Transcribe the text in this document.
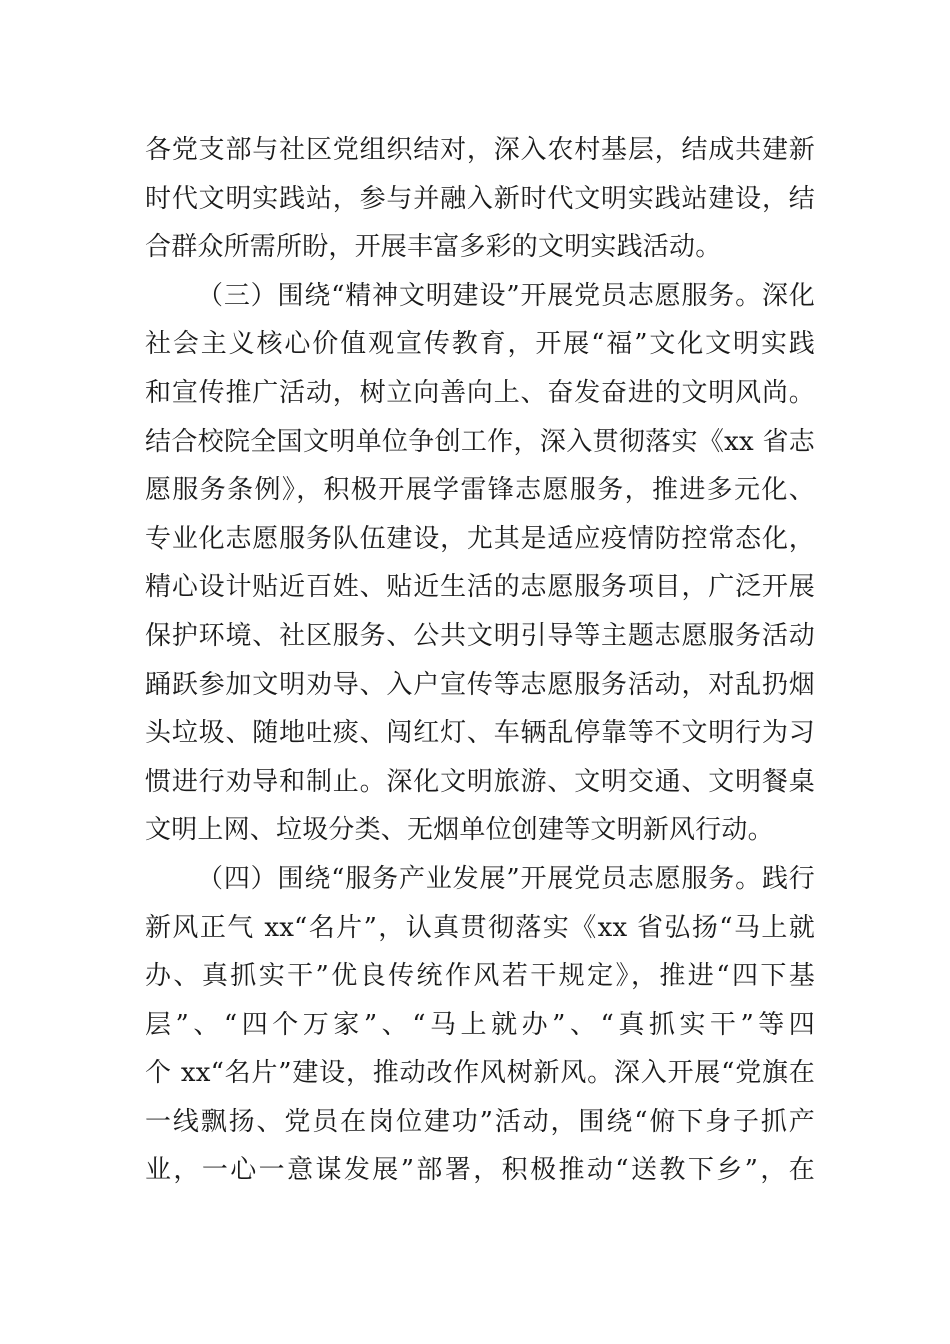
各党支部与社区党组织结对，深入农村基层，结成共建新
时代文明实践站，参与并融入新时代文明实践站建设，结
合群众所需所盼，开展丰富多彩的文明实践活动。
（三）围绕“精神文明建设”开展党员志愿服务。深化
社会主义核心价值观宣传教育，开展“福”文化文明实践
和宣传推广活动，树立向善向上、奋发奋进的文明风尚。
结合校院全国文明单位争创工作，深入贯彻落实《xx 省志
愿服务条例》，积极开展学雷锋志愿服务，推进多元化、
专业化志愿服务队伍建设，尤其是适应疫情防控常态化，
精心设计贴近百姓、贴近生活的志愿服务项目，广泛开展
保护环境、社区服务、公共文明引导等主题志愿服务活动
踊跃参加文明劝导、入户宣传等志愿服务活动，对乱扔烟
头垃圾、随地吐痰、闯红灯、车辆乱停靠等不文明行为习
惯进行劝导和制止。深化文明旅游、文明交通、文明餐桌
文明上网、垃圾分类、无烟单位创建等文明新风行动。
（四）围绕“服务产业发展”开展党员志愿服务。践行
新风正气 xx“名片”，认真贯彻落实《xx 省弘扬“马上就
办、真抓实干”优良传统作风若干规定》，推进“四下基
层”、“四个万家”、“马上就办”、“真抓实干”等四
个 xx“名片”建设，推动改作风树新风。深入开展“党旗在
一线飘扬、党员在岗位建功”活动，围绕“俯下身子抓产
业，一心一意谋发展”部署，积极推动“送教下乡”，在
